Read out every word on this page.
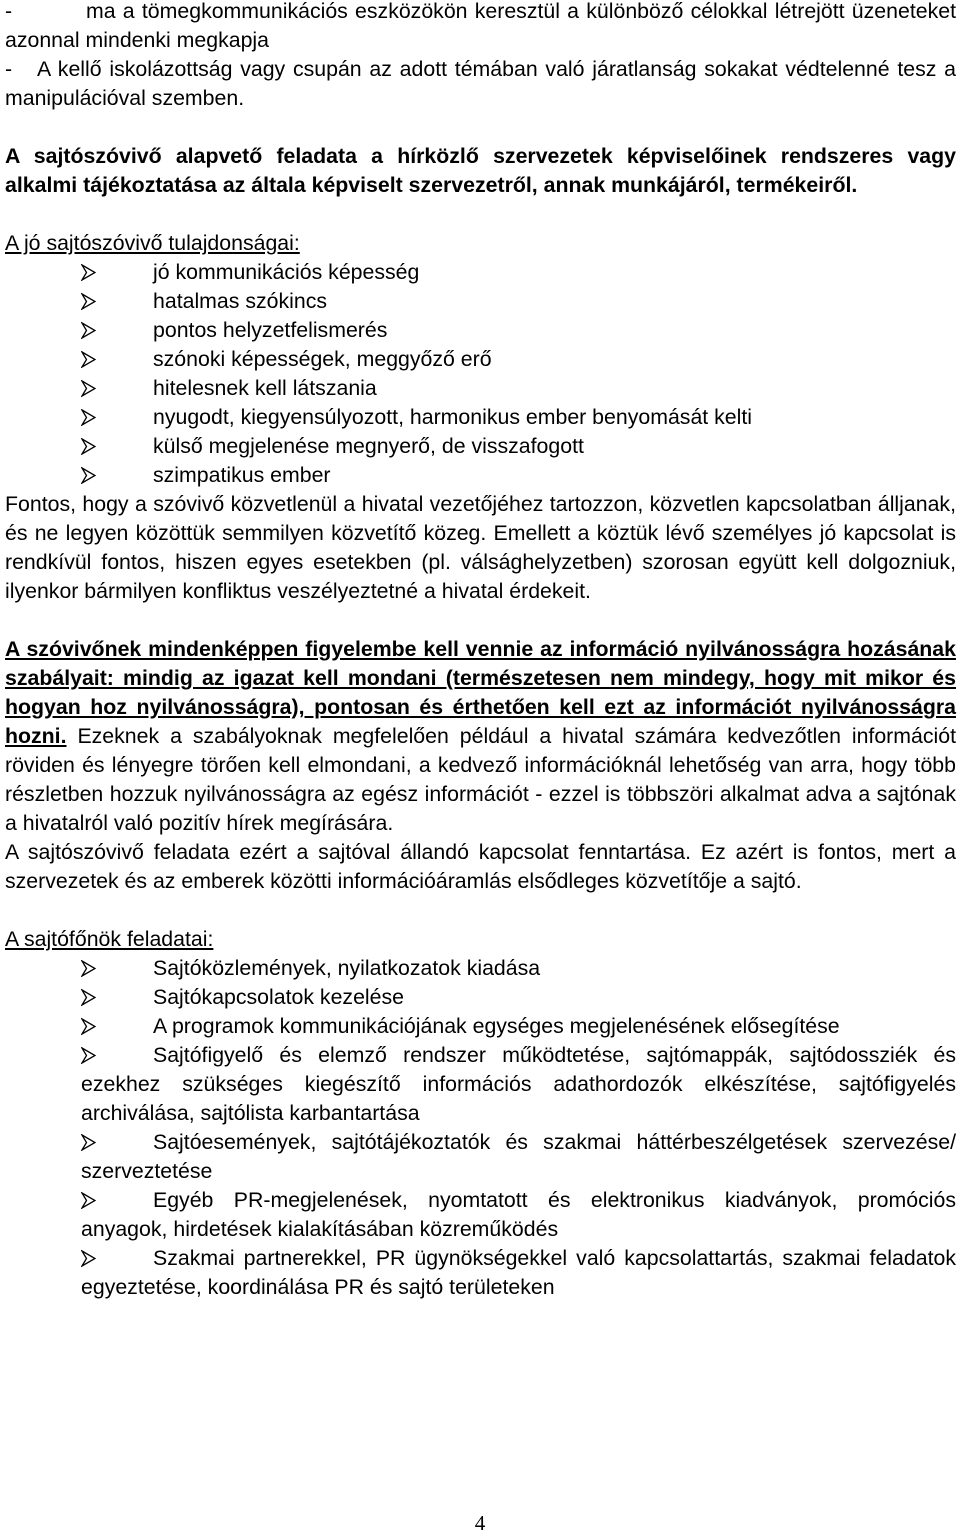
-	ma a tömegkommunikációs eszközökön keresztül a különböző célokkal létrejött üzeneteket azonnal mindenki megkapja

- A kellő iskolázottság vagy csupán az adott témában való járatlanság sokakat védtelenné tesz a manipulációval szemben.

A sajtószóvivő alapvető feladata a hírközlő szervezetek képviselőinek rendszeres vagy alkalmi tájékoztatása az általa képviselt szervezetről, annak munkájáról, termékeiről.

A jó sajtószóvivő tulajdonságai:

jó kommunikációs képesség
hatalmas szókincs
pontos helyzetfelismerés
szónoki képességek, meggyőző erő
hitelesnek kell látszania
nyugodt, kiegyensúlyozott, harmonikus ember benyomását kelti
külső megjelenése megnyerő, de visszafogott
szimpatikus ember

Fontos, hogy a szóvivő közvetlenül a hivatal vezetőjéhez tartozzon, közvetlen kapcsolatban álljanak, és ne legyen közöttük semmilyen közvetítő közeg. Emellett a köztük lévő személyes jó kapcsolat is rendkívül fontos, hiszen egyes esetekben (pl. válsághelyzetben) szorosan együtt kell dolgozniuk, ilyenkor bármilyen konfliktus veszélyeztetné a hivatal érdekeit.

A szóvivőnek mindenképpen figyelembe kell vennie az információ nyilvánosságra hozásának szabályait: mindig az igazat kell mondani (természetesen nem mindegy, hogy mit mikor és hogyan hoz nyilvánosságra), pontosan és érthetően kell ezt az információt nyilvánosságra hozni. Ezeknek a szabályoknak megfelelően például a hivatal számára kedvezőtlen információt röviden és lényegre törően kell elmondani, a kedvező információknál lehetőség van arra, hogy több részletben hozzuk nyilvánosságra az egész információt - ezzel is többszöri alkalmat adva a sajtónak a hivatalról való pozitív hírek megírására.

A sajtószóvivő feladata ezért a sajtóval állandó kapcsolat fenntartása. Ez azért is fontos, mert a szervezetek és az emberek közötti információáramlás elsődleges közvetítője a sajtó.

A sajtófőnök feladatai:

Sajtóközlemények, nyilatkozatok kiadása
Sajtókapcsolatok kezelése
A programok kommunikációjának egységes megjelenésének elősegítése
Sajtófigyelő és elemző rendszer működtetése, sajtómappák, sajtódossziék és ezekhez szükséges kiegészítő információs adathordozók elkészítése, sajtófigyelés archiválása, sajtólista karbantartása
Sajtóesemények, sajtótájékoztatók és szakmai háttérbeszélgetések szervezése/ szerveztetése
Egyéb PR-megjelenések, nyomtatott és elektronikus kiadványok, promóciós anyagok, hirdetések kialakításában közreműködés
Szakmai partnerekkel, PR ügynökségekkel való kapcsolattartás, szakmai feladatok egyeztetése, koordinálása PR és sajtó területeken
4
